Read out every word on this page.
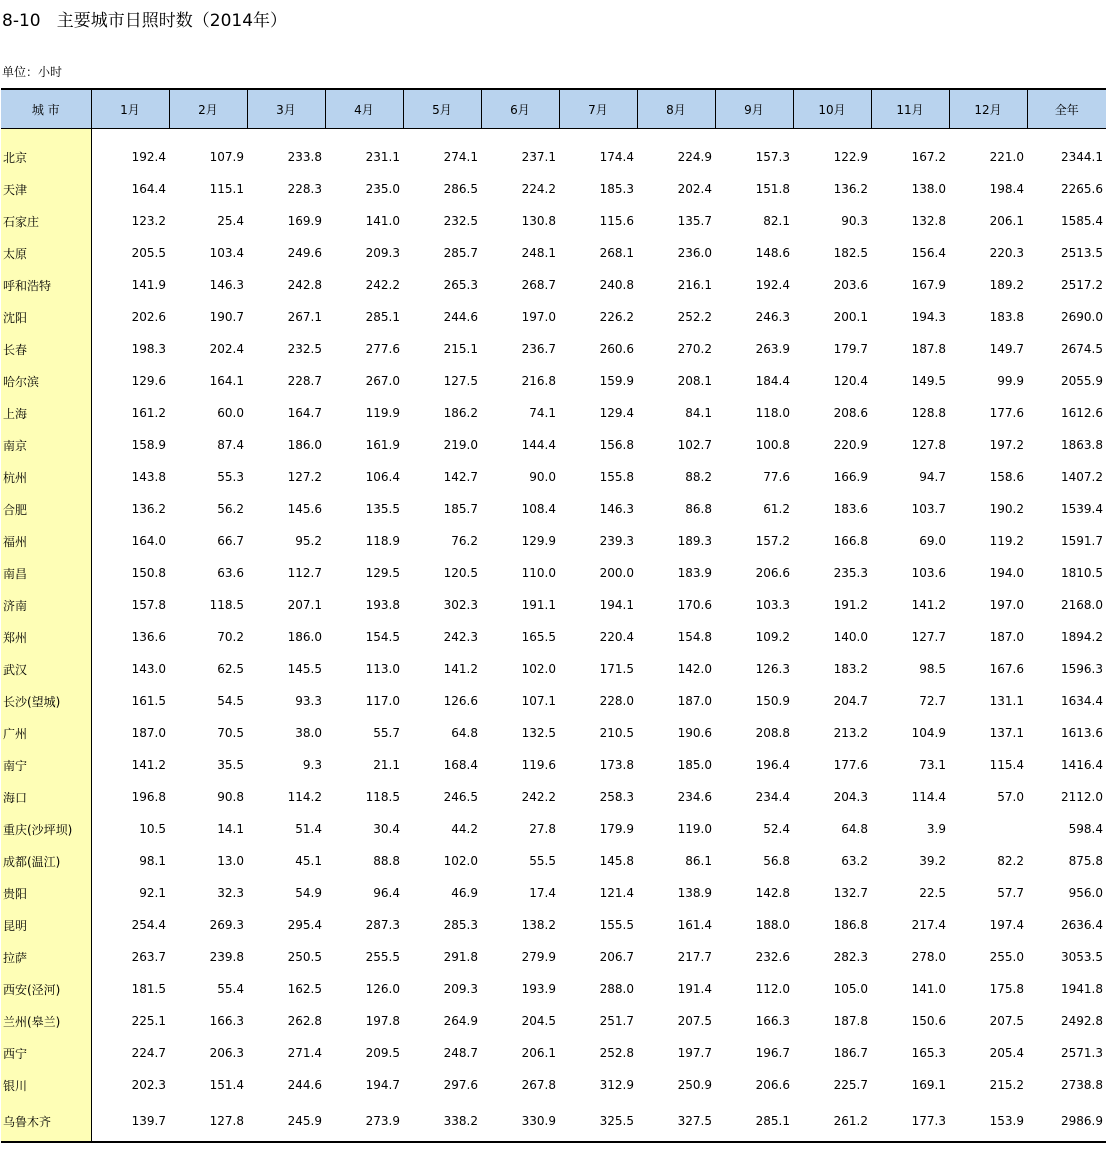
8-10   主要城市日照时数（2014年）
单位：小时
城 市	1月	2月	3月	4月	5月	6月	7月	8月	9月	10月	11月	12月	全年
北京	192.4	107.9	233.8	231.1	274.1	237.1	174.4	224.9	157.3	122.9	167.2	221.0	2344.1
天津	164.4	115.1	228.3	235.0	286.5	224.2	185.3	202.4	151.8	136.2	138.0	198.4	2265.6
石家庄	123.2	25.4	169.9	141.0	232.5	130.8	115.6	135.7	82.1	90.3	132.8	206.1	1585.4
太原	205.5	103.4	249.6	209.3	285.7	248.1	268.1	236.0	148.6	182.5	156.4	220.3	2513.5
呼和浩特	141.9	146.3	242.8	242.2	265.3	268.7	240.8	216.1	192.4	203.6	167.9	189.2	2517.2
沈阳	202.6	190.7	267.1	285.1	244.6	197.0	226.2	252.2	246.3	200.1	194.3	183.8	2690.0
长春	198.3	202.4	232.5	277.6	215.1	236.7	260.6	270.2	263.9	179.7	187.8	149.7	2674.5
哈尔滨	129.6	164.1	228.7	267.0	127.5	216.8	159.9	208.1	184.4	120.4	149.5	99.9	2055.9
上海	161.2	60.0	164.7	119.9	186.2	74.1	129.4	84.1	118.0	208.6	128.8	177.6	1612.6
南京	158.9	87.4	186.0	161.9	219.0	144.4	156.8	102.7	100.8	220.9	127.8	197.2	1863.8
杭州	143.8	55.3	127.2	106.4	142.7	90.0	155.8	88.2	77.6	166.9	94.7	158.6	1407.2
合肥	136.2	56.2	145.6	135.5	185.7	108.4	146.3	86.8	61.2	183.6	103.7	190.2	1539.4
福州	164.0	66.7	95.2	118.9	76.2	129.9	239.3	189.3	157.2	166.8	69.0	119.2	1591.7
南昌	150.8	63.6	112.7	129.5	120.5	110.0	200.0	183.9	206.6	235.3	103.6	194.0	1810.5
济南	157.8	118.5	207.1	193.8	302.3	191.1	194.1	170.6	103.3	191.2	141.2	197.0	2168.0
郑州	136.6	70.2	186.0	154.5	242.3	165.5	220.4	154.8	109.2	140.0	127.7	187.0	1894.2
武汉	143.0	62.5	145.5	113.0	141.2	102.0	171.5	142.0	126.3	183.2	98.5	167.6	1596.3
长沙(望城)	161.5	54.5	93.3	117.0	126.6	107.1	228.0	187.0	150.9	204.7	72.7	131.1	1634.4
广州	187.0	70.5	38.0	55.7	64.8	132.5	210.5	190.6	208.8	213.2	104.9	137.1	1613.6
南宁	141.2	35.5	9.3	21.1	168.4	119.6	173.8	185.0	196.4	177.6	73.1	115.4	1416.4
海口	196.8	90.8	114.2	118.5	246.5	242.2	258.3	234.6	234.4	204.3	114.4	57.0	2112.0
重庆(沙坪坝)	10.5	14.1	51.4	30.4	44.2	27.8	179.9	119.0	52.4	64.8	3.9		598.4
成都(温江)	98.1	13.0	45.1	88.8	102.0	55.5	145.8	86.1	56.8	63.2	39.2	82.2	875.8
贵阳	92.1	32.3	54.9	96.4	46.9	17.4	121.4	138.9	142.8	132.7	22.5	57.7	956.0
昆明	254.4	269.3	295.4	287.3	285.3	138.2	155.5	161.4	188.0	186.8	217.4	197.4	2636.4
拉萨	263.7	239.8	250.5	255.5	291.8	279.9	206.7	217.7	232.6	282.3	278.0	255.0	3053.5
西安(泾河)	181.5	55.4	162.5	126.0	209.3	193.9	288.0	191.4	112.0	105.0	141.0	175.8	1941.8
兰州(皋兰)	225.1	166.3	262.8	197.8	264.9	204.5	251.7	207.5	166.3	187.8	150.6	207.5	2492.8
西宁	224.7	206.3	271.4	209.5	248.7	206.1	252.8	197.7	196.7	186.7	165.3	205.4	2571.3
银川	202.3	151.4	244.6	194.7	297.6	267.8	312.9	250.9	206.6	225.7	169.1	215.2	2738.8
乌鲁木齐	139.7	127.8	245.9	273.9	338.2	330.9	325.5	327.5	285.1	261.2	177.3	153.9	2986.9
